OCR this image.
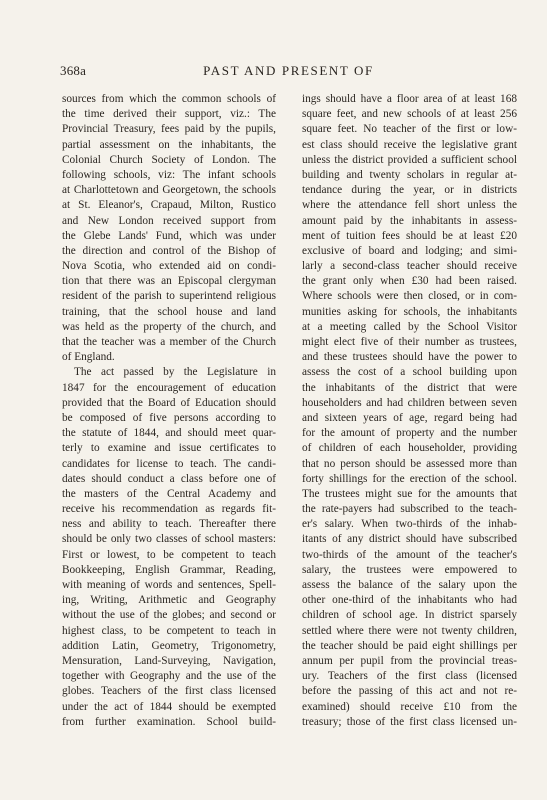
368a	PAST AND PRESENT OF
sources from which the common schools of
the time derived their support, viz.: The
Provincial Treasury, fees paid by the pupils,
partial assessment on the inhabitants, the
Colonial Church Society of London. The
following schools, viz: The infant schools
at Charlottetown and Georgetown, the schools
at St. Eleanor's, Crapaud, Milton, Rustico
and New London received support from
the Glebe Lands' Fund, which was under
the direction and control of the Bishop of
Nova Scotia, who extended aid on condi-
tion that there was an Episcopal clergyman
resident of the parish to superintend religious
training, that the school house and land
was held as the property of the church, and
that the teacher was a member of the Church
of England.
The act passed by the Legislature in
1847 for the encouragement of education
provided that the Board of Education should
be composed of five persons according to
the statute of 1844, and should meet quar-
terly to examine and issue certificates to
candidates for license to teach. The candi-
dates should conduct a class before one of
the masters of the Central Academy and
receive his recommendation as regards fit-
ness and ability to teach. Thereafter there
should be only two classes of school masters:
First or lowest, to be competent to teach
Bookkeeping, English Grammar, Reading,
with meaning of words and sentences, Spell-
ing, Writing, Arithmetic and Geography
without the use of the globes; and second or
highest class, to be competent to teach in
addition Latin, Geometry, Trigonometry,
Mensuration, Land-Surveying, Navigation,
together with Geography and the use of the
globes. Teachers of the first class licensed
under the act of 1844 should be exempted
from further examination. School build-
ings should have a floor area of at least 168
square feet, and new schools of at least 256
square feet. No teacher of the first or low-
est class should receive the legislative grant
unless the district provided a sufficient school
building and twenty scholars in regular at-
tendance during the year, or in districts
where the attendance fell short unless the
amount paid by the inhabitants in assess-
ment of tuition fees should be at least £20
exclusive of board and lodging; and simi-
larly a second-class teacher should receive
the grant only when £30 had been raised.
Where schools were then closed, or in com-
munities asking for schools, the inhabitants
at a meeting called by the School Visitor
might elect five of their number as trustees,
and these trustees should have the power to
assess the cost of a school building upon
the inhabitants of the district that were
householders and had children between seven
and sixteen years of age, regard being had
for the amount of property and the number
of children of each householder, providing
that no person should be assessed more than
forty shillings for the erection of the school.
The trustees might sue for the amounts that
the rate-payers had subscribed to the teach-
er's salary. When two-thirds of the inhab-
itants of any district should have subscribed
two-thirds of the amount of the teacher's
salary, the trustees were empowered to
assess the balance of the salary upon the
other one-third of the inhabitants who had
children of school age. In district sparsely
settled where there were not twenty children,
the teacher should be paid eight shillings per
annum per pupil from the provincial treas-
ury. Teachers of the first class (licensed
before the passing of this act and not re-
examined) should receive £10 from the
treasury; those of the first class licensed un-
